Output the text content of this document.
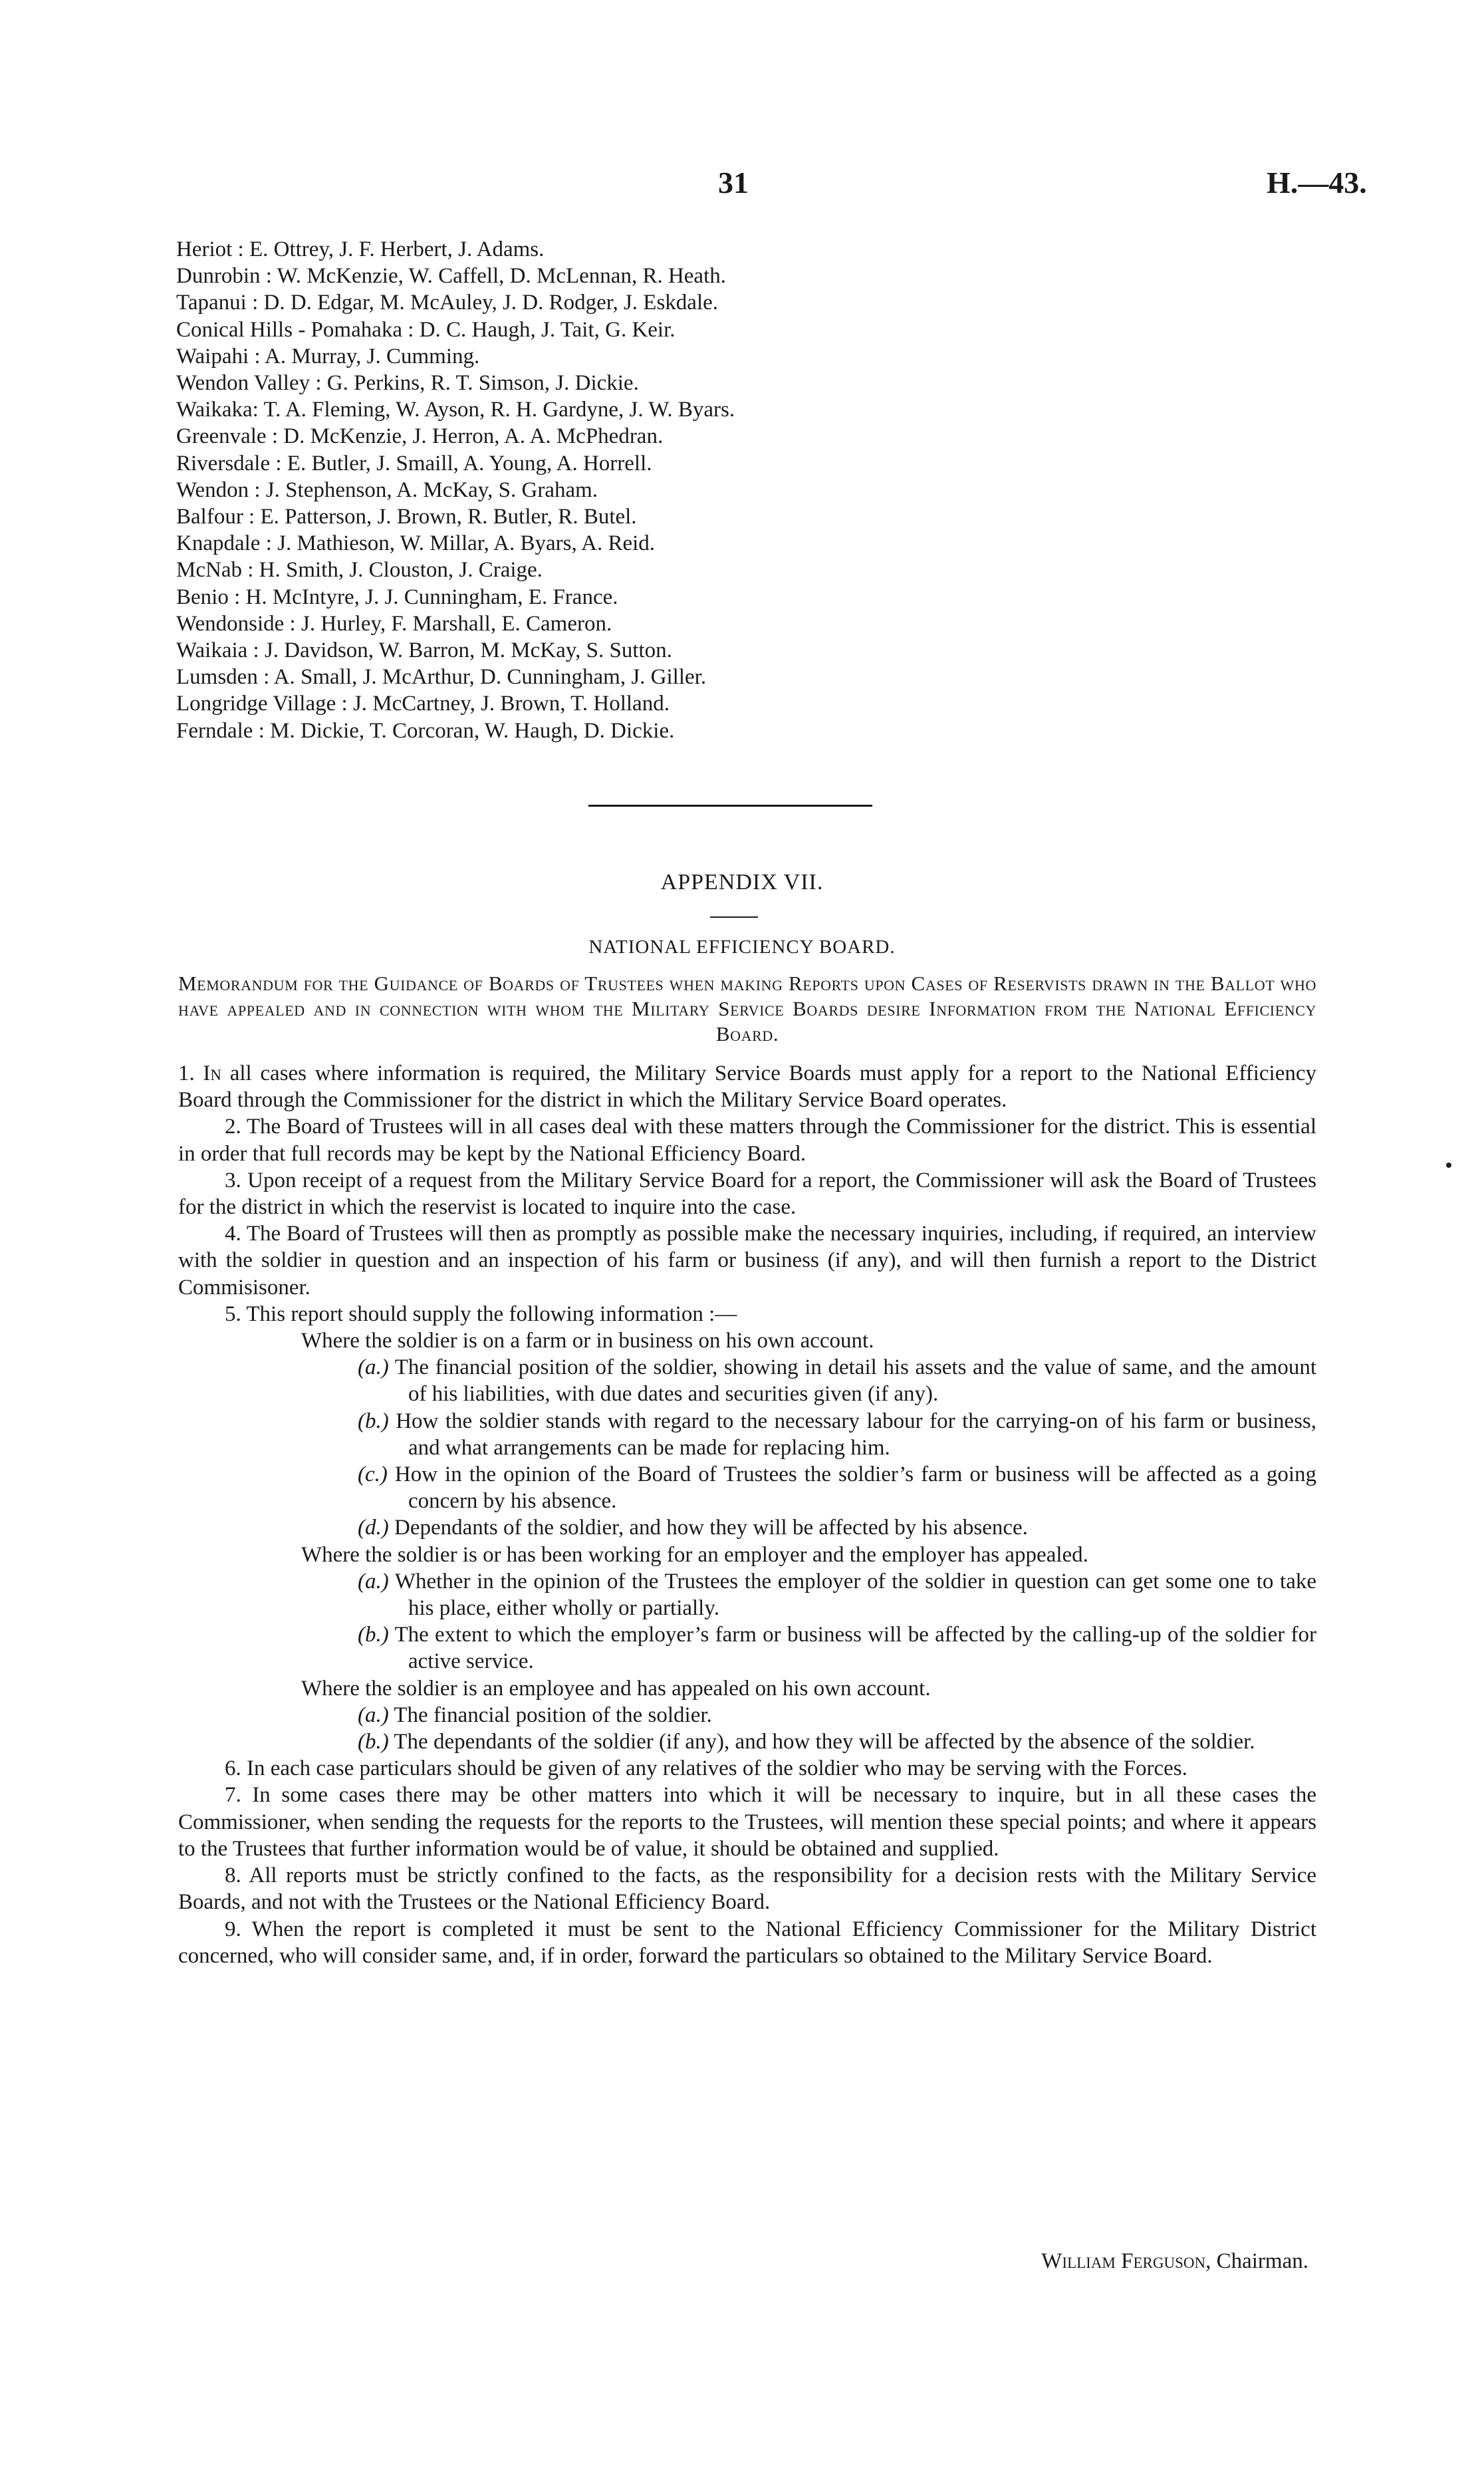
31	H.—43.
Heriot : E. Ottrey, J. F. Herbert, J. Adams.
Dunrobin : W. McKenzie, W. Caffell, D. McLennan, R. Heath.
Tapanui : D. D. Edgar, M. McAuley, J. D. Rodger, J. Eskdale.
Conical Hills - Pomahaka : D. C. Haugh, J. Tait, G. Keir.
Waipahi : A. Murray, J. Cumming.
Wendon Valley : G. Perkins, R. T. Simson, J. Dickie.
Waikaka: T. A. Fleming, W. Ayson, R. H. Gardyne, J. W. Byars.
Greenvale : D. McKenzie, J. Herron, A. A. McPhedran.
Riversdale : E. Butler, J. Smaill, A. Young, A. Horrell.
Wendon : J. Stephenson, A. McKay, S. Graham.
Balfour : E. Patterson, J. Brown, R. Butler, R. Butel.
Knapdale : J. Mathieson, W. Millar, A. Byars, A. Reid.
McNab : H. Smith, J. Clouston, J. Craige.
Benio : H. McIntyre, J. J. Cunningham, E. France.
Wendonside : J. Hurley, F. Marshall, E. Cameron.
Waikaia : J. Davidson, W. Barron, M. McKay, S. Sutton.
Lumsden : A. Small, J. McArthur, D. Cunningham, J. Giller.
Longridge Village : J. McCartney, J. Brown, T. Holland.
Ferndale : M. Dickie, T. Corcoran, W. Haugh, D. Dickie.
APPENDIX VII.
NATIONAL EFFICIENCY BOARD.
Memorandum for the Guidance of Boards of Trustees when making Reports upon Cases of Reservists drawn in the Ballot who have appealed and in connection with whom the Military Service Boards desire Information from the National Efficiency Board.

1. In all cases where information is required, the Military Service Boards must apply for a report to the National Efficiency Board through the Commissioner for the district in which the Military Service Board operates.

2. The Board of Trustees will in all cases deal with these matters through the Commissioner for the district. This is essential in order that full records may be kept by the National Efficiency Board.

3. Upon receipt of a request from the Military Service Board for a report, the Commissioner will ask the Board of Trustees for the district in which the reservist is located to inquire into the case.

4. The Board of Trustees will then as promptly as possible make the necessary inquiries, including, if required, an interview with the soldier in question and an inspection of his farm or business (if any), and will then furnish a report to the District Commisisoner.

5. This report should supply the following information :—

Where the soldier is on a farm or in business on his own account.

(a.) The financial position of the soldier, showing in detail his assets and the value of same, and the amount of his liabilities, with due dates and securities given (if any).

(b.) How the soldier stands with regard to the necessary labour for the carrying-on of his farm or business, and what arrangements can be made for replacing him.

(c.) How in the opinion of the Board of Trustees the soldier’s farm or business will be affected as a going concern by his absence.

(d.) Dependants of the soldier, and how they will be affected by his absence.

Where the soldier is or has been working for an employer and the employer has appealed.

(a.) Whether in the opinion of the Trustees the employer of the soldier in question can get some one to take his place, either wholly or partially.

(b.) The extent to which the employer’s farm or business will be affected by the calling-up of the soldier for active service.

Where the soldier is an employee and has appealed on his own account.

(a.) The financial position of the soldier.

(b.) The dependants of the soldier (if any), and how they will be affected by the absence of the soldier.

6. In each case particulars should be given of any relatives of the soldier who may be serving with the Forces.

7. In some cases there may be other matters into which it will be necessary to inquire, but in all these cases the Commissioner, when sending the requests for the reports to the Trustees, will mention these special points; and where it appears to the Trustees that further information would be of value, it should be obtained and supplied.

8. All reports must be strictly confined to the facts, as the responsibility for a decision rests with the Military Service Boards, and not with the Trustees or the National Efficiency Board.

9. When the report is completed it must be sent to the National Efficiency Commissioner for the Military District concerned, who will consider same, and, if in order, forward the particulars so obtained to the Military Service Board.

William Ferguson, Chairman.
